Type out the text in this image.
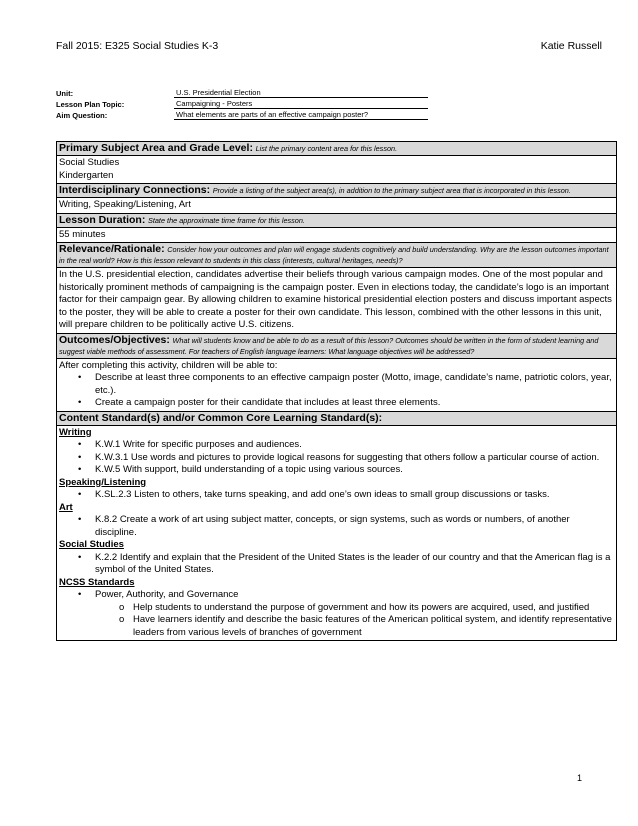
Fall 2015: E325 Social Studies K-3	Katie Russell
Unit:	U.S. Presidential Election
Lesson Plan Topic:	Campaigning - Posters
Aim Question:	What elements are parts of an effective campaign poster?
Primary Subject Area and Grade Level: List the primary content area for this lesson.
Social Studies
Kindergarten
Interdisciplinary Connections: Provide a listing of the subject area(s), in addition to the primary subject area that is incorporated in this lesson.
Writing, Speaking/Listening, Art
Lesson Duration: State the approximate time frame for this lesson.
55 minutes
Relevance/Rationale: Consider how your outcomes and plan will engage students cognitively and build understanding. Why are the lesson outcomes important in the real world? How is this lesson relevant to students in this class (interests, cultural heritages, needs)?
In the U.S. presidential election, candidates advertise their beliefs through various campaign modes. One of the most popular and historically prominent methods of campaigning is the campaign poster. Even in elections today, the candidate’s logo is an important factor for their campaign gear. By allowing children to examine historical presidential election posters and discuss important aspects to the poster, they will be able to create a poster for their own candidate. This lesson, combined with the other lessons in this unit, will prepare children to be politically active U.S. citizens.
Outcomes/Objectives: What will students know and be able to do as a result of this lesson? Outcomes should be written in the form of student learning and suggest viable methods of assessment. For teachers of English language learners: What language objectives will be addressed?
After completing this activity, children will be able to:
• Describe at least three components to an effective campaign poster (Motto, image, candidate’s name, patriotic colors, year, etc.).
• Create a campaign poster for their candidate that includes at least three elements.
Content Standard(s) and/or Common Core Learning Standard(s):
Writing
• K.W.1 Write for specific purposes and audiences.
• K.W.3.1 Use words and pictures to provide logical reasons for suggesting that others follow a particular course of action.
• K.W.5 With support, build understanding of a topic using various sources.
Speaking/Listening
• K.SL.2.3 Listen to others, take turns speaking, and add one’s own ideas to small group discussions or tasks.
Art
• K.8.2 Create a work of art using subject matter, concepts, or sign systems, such as words or numbers, of another discipline.
Social Studies
• K.2.2 Identify and explain that the President of the United States is the leader of our country and that the American flag is a symbol of the United States.
NCSS Standards
• Power, Authority, and Governance
o Help students to understand the purpose of government and how its powers are acquired, used, and justified
o Have learners identify and describe the basic features of the American political system, and identify representative leaders from various levels of branches of government
1
